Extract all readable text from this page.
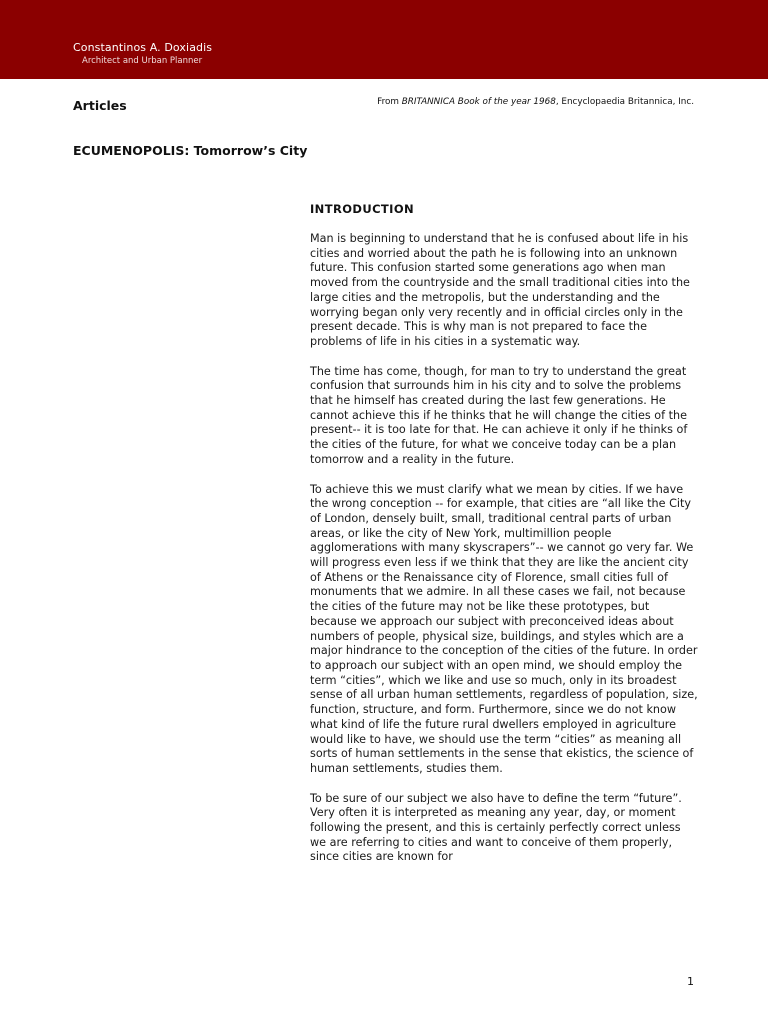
Constantinos A. Doxiadis
Architect and Urban Planner
Articles	From BRITANNICA Book of the year 1968, Encyclopaedia Britannica, Inc.
ECUMENOPOLIS: Tomorrow’s City
INTRODUCTION

Man is beginning to understand that he is confused about life in his cities and worried about the path he is following into an unknown future. This confusion started some generations ago when man moved from the countryside and the small traditional cities into the large cities and the metropolis, but the understanding and the worrying began only very recently and in official circles only in the present decade. This is why man is not prepared to face the problems of life in his cities in a systematic way.

The time has come, though, for man to try to understand the great confusion that surrounds him in his city and to solve the problems that he himself has created during the last few generations. He cannot achieve this if he thinks that he will change the cities of the present-- it is too late for that. He can achieve it only if he thinks of the cities of the future, for what we conceive today can be a plan tomorrow and a reality in the future.

To achieve this we must clarify what we mean by cities. If we have the wrong conception -- for example, that cities are “all like the City of London, densely built, small, traditional central parts of urban areas, or like the city of New York, multimillion people agglomerations with many skyscrapers”-- we cannot go very far. We will progress even less if we think that they are like the ancient city of Athens or the Renaissance city of Florence, small cities full of monuments that we admire. In all these cases we fail, not because the cities of the future may not be like these prototypes, but because we approach our subject with preconceived ideas about numbers of people, physical size, buildings, and styles which are a major hindrance to the conception of the cities of the future. In order to approach our subject with an open mind, we should employ the term “cities”, which we like and use so much, only in its broadest sense of all urban human settlements, regardless of population, size, function, structure, and form. Furthermore, since we do not know what kind of life the future rural dwellers employed in agriculture would like to have, we should use the term “cities” as meaning all sorts of human settlements in the sense that ekistics, the science of human settlements, studies them.

To be sure of our subject we also have to define the term “future”. Very often it is interpreted as meaning any year, day, or moment following the present, and this is certainly perfectly correct unless we are referring to cities and want to conceive of them properly, since cities are known for

1
